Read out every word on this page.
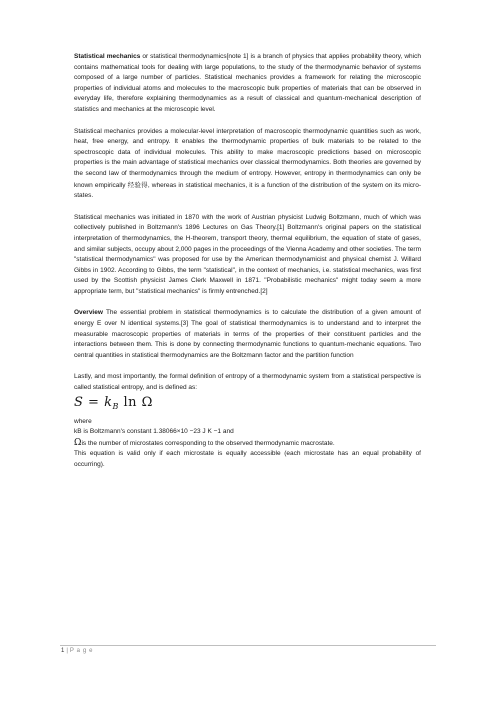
Statistical mechanics or statistical thermodynamics[note 1] is a branch of physics that applies probability theory, which contains mathematical tools for dealing with large populations, to the study of the thermodynamic behavior of systems composed of a large number of particles. Statistical mechanics provides a framework for relating the microscopic properties of individual atoms and molecules to the macroscopic bulk properties of materials that can be observed in everyday life, therefore explaining thermodynamics as a result of classical and quantum-mechanical description of statistics and mechanics at the microscopic level.

Statistical mechanics provides a molecular-level interpretation of macroscopic thermodynamic quantities such as work, heat, free energy, and entropy. It enables the thermodynamic properties of bulk materials to be related to the spectroscopic data of individual molecules. This ability to make macroscopic predictions based on microscopic properties is the main advantage of statistical mechanics over classical thermodynamics. Both theories are governed by the second law of thermodynamics through the medium of entropy. However, entropy in thermodynamics can only be known empirically 经验得, whereas in statistical mechanics, it is a function of the distribution of the system on its micro-states.

Statistical mechanics was initiated in 1870 with the work of Austrian physicist Ludwig Boltzmann, much of which was collectively published in Boltzmann's 1896 Lectures on Gas Theory.[1] Boltzmann's original papers on the statistical interpretation of thermodynamics, the H-theorem, transport theory, thermal equilibrium, the equation of state of gases, and similar subjects, occupy about 2,000 pages in the proceedings of the Vienna Academy and other societies. The term "statistical thermodynamics" was proposed for use by the American thermodynamicist and physical chemist J. Willard Gibbs in 1902. According to Gibbs, the term "statistical", in the context of mechanics, i.e. statistical mechanics, was first used by the Scottish physicist James Clerk Maxwell in 1871. "Probabilistic mechanics" might today seem a more appropriate term, but "statistical mechanics" is firmly entrenched.[2]

Overview The essential problem in statistical thermodynamics is to calculate the distribution of a given amount of energy E over N identical systems.[3] The goal of statistical thermodynamics is to understand and to interpret the measurable macroscopic properties of materials in terms of the properties of their constituent particles and the interactions between them. This is done by connecting thermodynamic functions to quantum-mechanic equations. Two central quantities in statistical thermodynamics are the Boltzmann factor and the partition function

Lastly, and most importantly, the formal definition of entropy of a thermodynamic system from a statistical perspective is called statistical entropy, and is defined as:

$S = k_B$ ln Ω

where

kB is Boltzmann's constant 1.38066×10 −23 J K −1 and

Ωis the number of microstates corresponding to the observed thermodynamic macrostate.

This equation is valid only if each microstate is equally accessible (each microstate has an equal probability of occurring).

1 | P a g e
